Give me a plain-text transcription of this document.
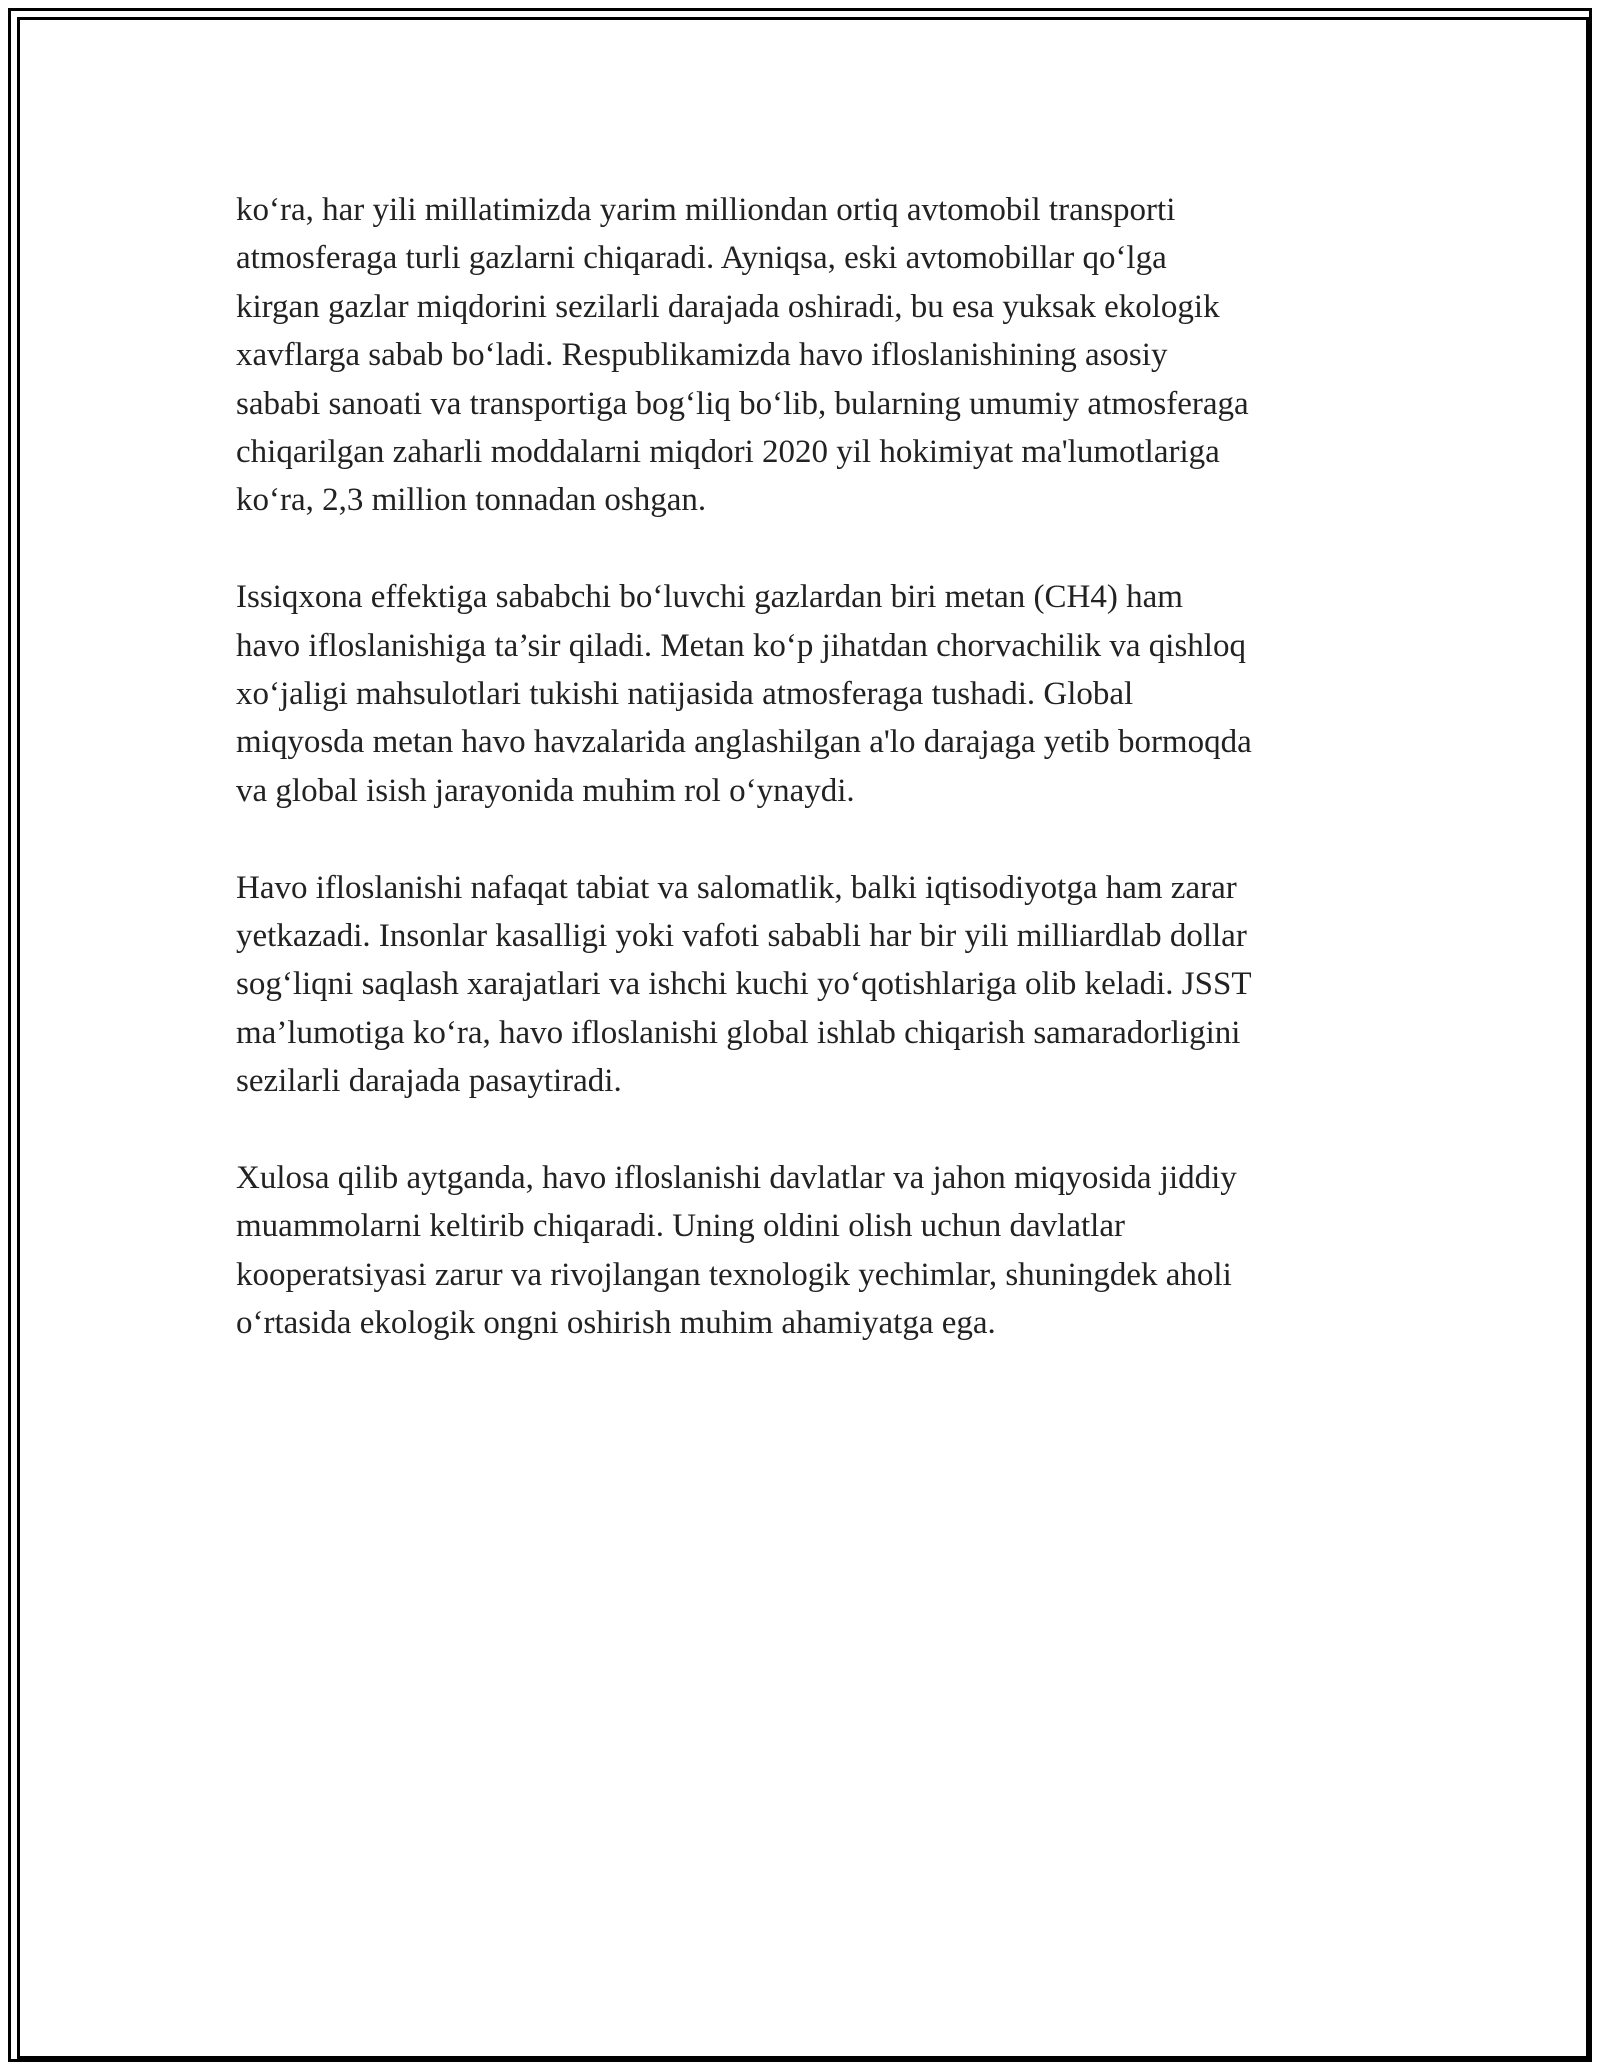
ko‘ra, har yili millatimizda yarim milliondan ortiq avtomobil transporti
atmosferaga turli gazlarni chiqaradi. Ayniqsa, eski avtomobillar qo‘lga
kirgan gazlar miqdorini sezilarli darajada oshiradi, bu esa yuksak ekologik
xavflarga sabab bo‘ladi. Respublikamizda havo ifloslanishining asosiy
sababi sanoati va transportiga bog‘liq bo‘lib, bularning umumiy atmosferaga
chiqarilgan zaharli moddalarni miqdori 2020 yil hokimiyat ma'lumotlariga
ko‘ra, 2,3 million tonnadan oshgan.

Issiqxona effektiga sababchi bo‘luvchi gazlardan biri metan (CH4) ham
havo ifloslanishiga ta’sir qiladi. Metan ko‘p jihatdan chorvachilik va qishloq
xo‘jaligi mahsulotlari tukishi natijasida atmosferaga tushadi. Global
miqyosda metan havo havzalarida anglashilgan a'lo darajaga yetib bormoqda
va global isish jarayonida muhim rol o‘ynaydi.

Havo ifloslanishi nafaqat tabiat va salomatlik, balki iqtisodiyotga ham zarar
yetkazadi. Insonlar kasalligi yoki vafoti sababli har bir yili milliardlab dollar
sog‘liqni saqlash xarajatlari va ishchi kuchi yo‘qotishlariga olib keladi. JSST
ma’lumotiga ko‘ra, havo ifloslanishi global ishlab chiqarish samaradorligini
sezilarli darajada pasaytiradi.

Xulosa qilib aytganda, havo ifloslanishi davlatlar va jahon miqyosida jiddiy
muammolarni keltirib chiqaradi. Uning oldini olish uchun davlatlar
kooperatsiyasi zarur va rivojlangan texnologik yechimlar, shuningdek aholi
o‘rtasida ekologik ongni oshirish muhim ahamiyatga ega.
